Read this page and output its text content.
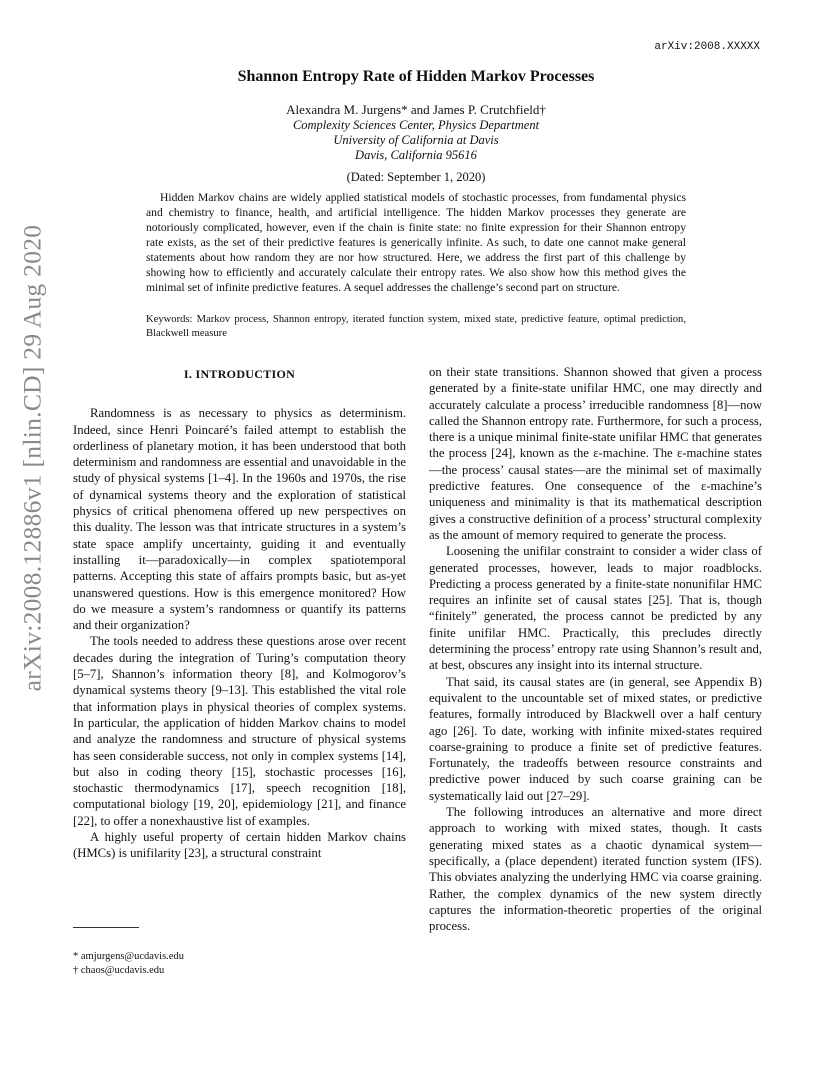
arXiv:2008.XXXXX
arXiv:2008.12886v1 [nlin.CD] 29 Aug 2020
Shannon Entropy Rate of Hidden Markov Processes
Alexandra M. Jurgens* and James P. Crutchfield†
Complexity Sciences Center, Physics Department
University of California at Davis
Davis, California 95616
(Dated: September 1, 2020)

Hidden Markov chains are widely applied statistical models of stochastic processes, from fundamental physics and chemistry to finance, health, and artificial intelligence. The hidden Markov processes they generate are notoriously complicated, however, even if the chain is finite state: no finite expression for their Shannon entropy rate exists, as the set of their predictive features is generically infinite. As such, to date one cannot make general statements about how random they are nor how structured. Here, we address the first part of this challenge by showing how to efficiently and accurately calculate their entropy rates. We also show how this method gives the minimal set of infinite predictive features. A sequel addresses the challenge’s second part on structure.

Keywords: Markov process, Shannon entropy, iterated function system, mixed state, predictive feature, optimal prediction, Blackwell measure

I. INTRODUCTION

Randomness is as necessary to physics as determinism. Indeed, since Henri Poincaré’s failed attempt to establish the orderliness of planetary motion, it has been understood that both determinism and randomness are essential and unavoidable in the study of physical systems [1–4]. In the 1960s and 1970s, the rise of dynamical systems theory and the exploration of statistical physics of critical phenomena offered up new perspectives on this duality. The lesson was that intricate structures in a system’s state space amplify uncertainty, guiding it and eventually installing it—paradoxically—in complex spatiotemporal patterns. Accepting this state of affairs prompts basic, but as-yet unanswered questions. How is this emergence monitored? How do we measure a system’s randomness or quantify its patterns and their organization?

The tools needed to address these questions arose over recent decades during the integration of Turing’s computation theory [5–7], Shannon’s information theory [8], and Kolmogorov’s dynamical systems theory [9–13]. This established the vital role that information plays in physical theories of complex systems. In particular, the application of hidden Markov chains to model and analyze the randomness and structure of physical systems has seen considerable success, not only in complex systems [14], but also in coding theory [15], stochastic processes [16], stochastic thermodynamics [17], speech recognition [18], computational biology [19, 20], epidemiology [21], and finance [22], to offer a nonexhaustive list of examples.

A highly useful property of certain hidden Markov chains (HMCs) is unifilarity [23], a structural constraint

on their state transitions. Shannon showed that given a process generated by a finite-state unifilar HMC, one may directly and accurately calculate a process’ irreducible randomness [8]—now called the Shannon entropy rate. Furthermore, for such a process, there is a unique minimal finite-state unifilar HMC that generates the process [24], known as the ε-machine. The ε-machine states—the process’ causal states—are the minimal set of maximally predictive features. One consequence of the ε-machine’s uniqueness and minimality is that its mathematical description gives a constructive definition of a process’ structural complexity as the amount of memory required to generate the process.

Loosening the unifilar constraint to consider a wider class of generated processes, however, leads to major roadblocks. Predicting a process generated by a finite-state nonunifilar HMC requires an infinite set of causal states [25]. That is, though “finitely” generated, the process cannot be predicted by any finite unifilar HMC. Practically, this precludes directly determining the process’ entropy rate using Shannon’s result and, at best, obscures any insight into its internal structure.

That said, its causal states are (in general, see Appendix B) equivalent to the uncountable set of mixed states, or predictive features, formally introduced by Blackwell over a half century ago [26]. To date, working with infinite mixed-states required coarse-graining to produce a finite set of predictive features. Fortunately, the tradeoffs between resource constraints and predictive power induced by such coarse graining can be systematically laid out [27–29].

The following introduces an alternative and more direct approach to working with mixed states, though. It casts generating mixed states as a chaotic dynamical system—specifically, a (place dependent) iterated function system (IFS). This obviates analyzing the underlying HMC via coarse graining. Rather, the complex dynamics of the new system directly captures the information-theoretic properties of the original process.

* amjurgens@ucdavis.edu
† chaos@ucdavis.edu
